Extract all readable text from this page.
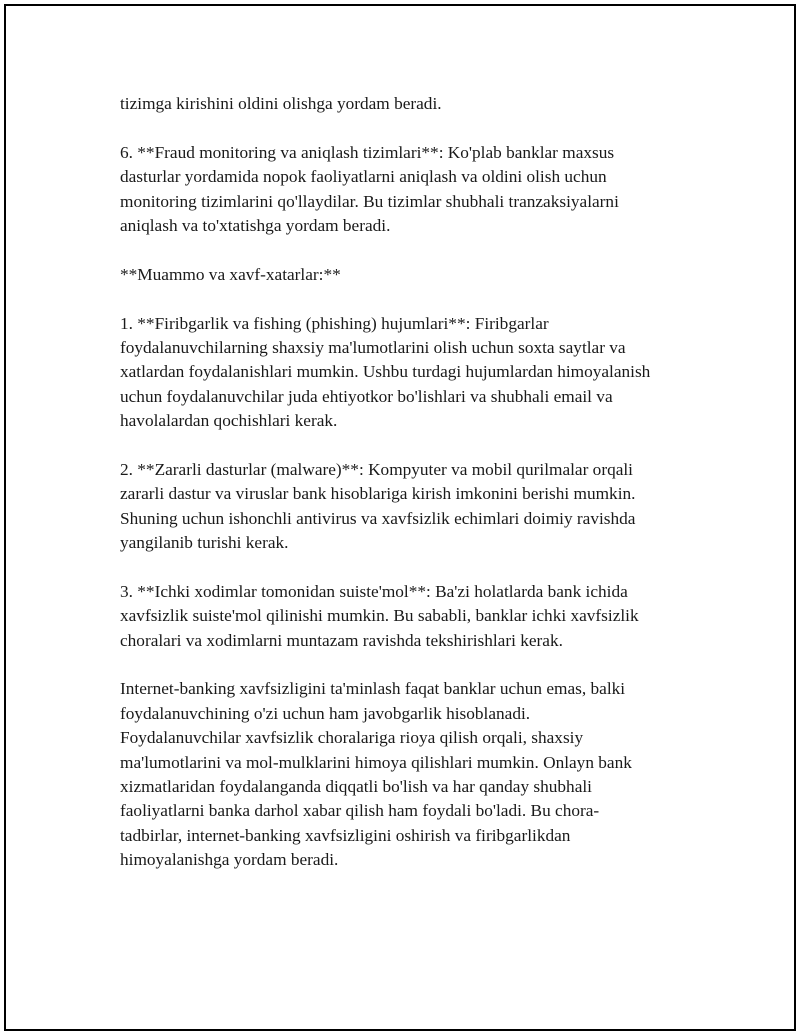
tizimga kirishini oldini olishga yordam beradi.
6. **Fraud monitoring va aniqlash tizimlari**: Ko'plab banklar maxsus
dasturlar yordamida nopok faoliyatlarni aniqlash va oldini olish uchun
monitoring tizimlarini qo'llaydilar. Bu tizimlar shubhali tranzaksiyalarni
aniqlash va to'xtatishga yordam beradi.
**Muammo va xavf-xatarlar:**
1. **Firibgarlik va fishing (phishing) hujumlari**: Firibgarlar
foydalanuvchilarning shaxsiy ma'lumotlarini olish uchun soxta saytlar va
xatlardan foydalanishlari mumkin. Ushbu turdagi hujumlardan himoyalanish
uchun foydalanuvchilar juda ehtiyotkor bo'lishlari va shubhali email va
havolalardan qochishlari kerak.
2. **Zararli dasturlar (malware)**: Kompyuter va mobil qurilmalar orqali
zararli dastur va viruslar bank hisoblariga kirish imkonini berishi mumkin.
Shuning uchun ishonchli antivirus va xavfsizlik echimlari doimiy ravishda
yangilanib turishi kerak.
3. **Ichki xodimlar tomonidan suiste'mol**: Ba'zi holatlarda bank ichida
xavfsizlik suiste'mol qilinishi mumkin. Bu sababli, banklar ichki xavfsizlik
choralari va xodimlarni muntazam ravishda tekshirishlari kerak.
Internet-banking xavfsizligini ta'minlash faqat banklar uchun emas, balki
foydalanuvchining o'zi uchun ham javobgarlik hisoblanadi.
Foydalanuvchilar xavfsizlik choralariga rioya qilish orqali, shaxsiy
ma'lumotlarini va mol-mulklarini himoya qilishlari mumkin. Onlayn bank
xizmatlaridan foydalanganda diqqatli bo'lish va har qanday shubhali
faoliyatlarni banka darhol xabar qilish ham foydali bo'ladi. Bu chora-
tadbirlar, internet-banking xavfsizligini oshirish va firibgarlikdan
himoyalanishga yordam beradi.
